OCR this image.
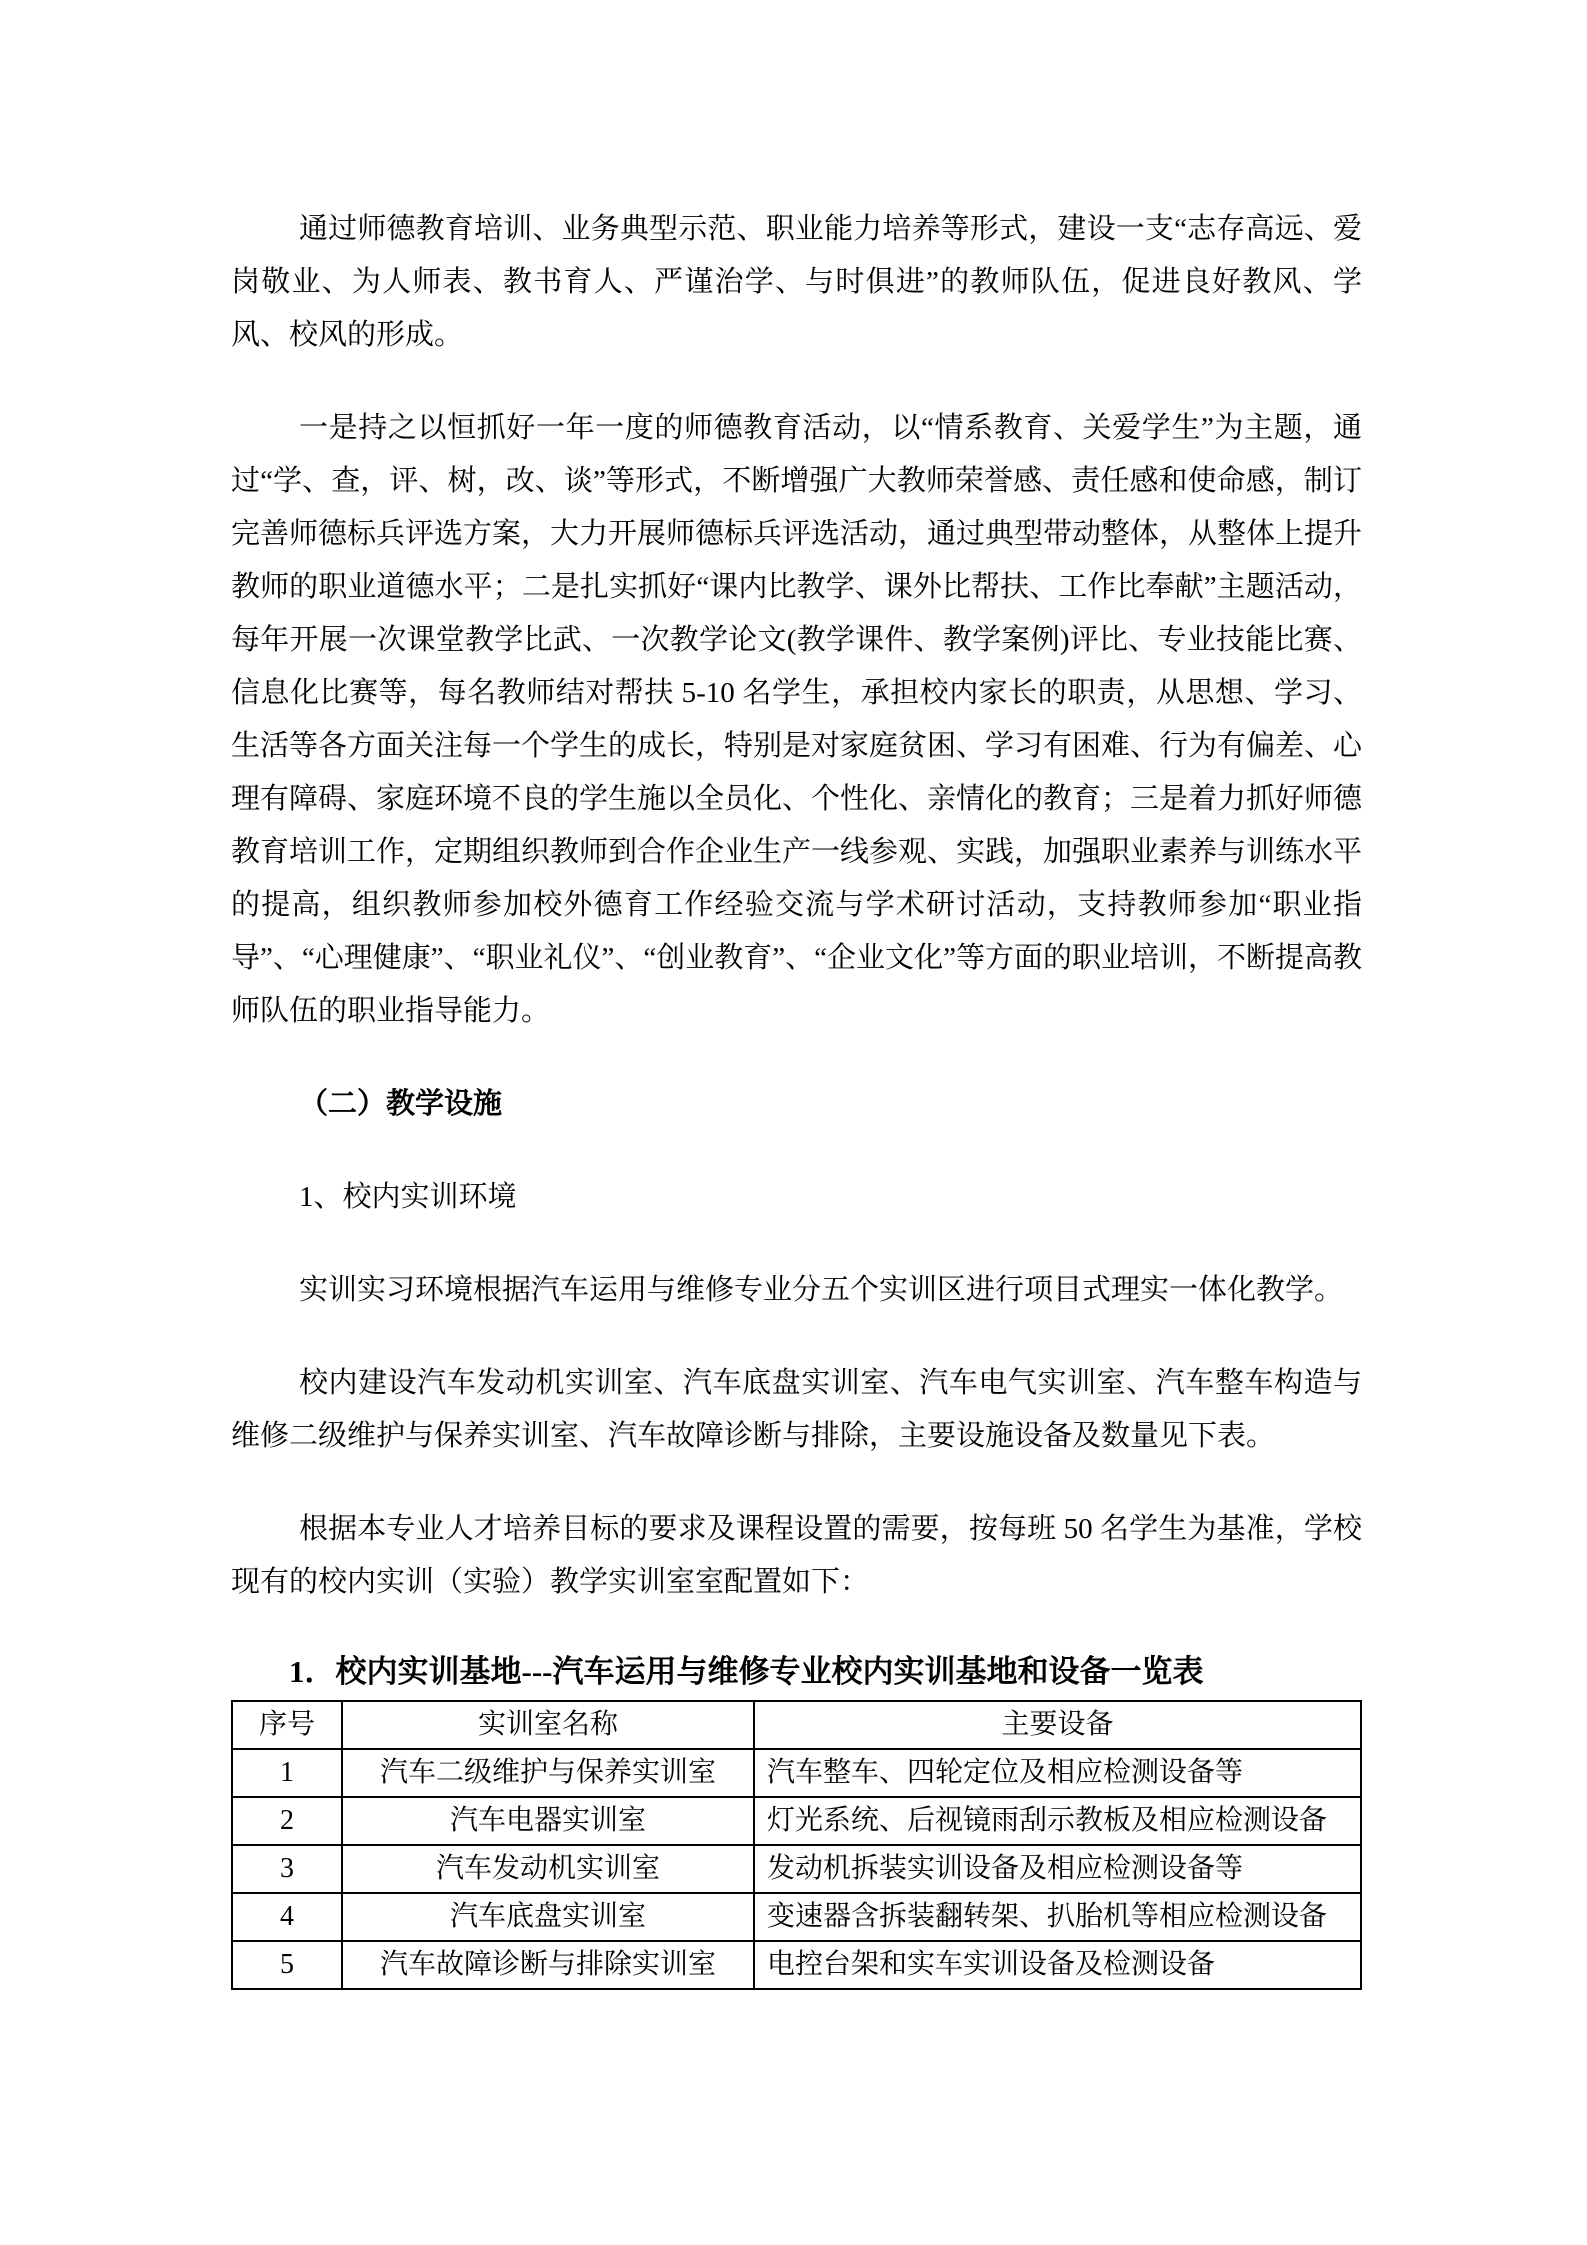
通过师德教育培训、业务典型示范、职业能力培养等形式，建设一支“志存高远、爱岗敬业、为人师表、教书育人、严谨治学、与时俱进”的教师队伍，促进良好教风、学风、校风的形成。

一是持之以恒抓好一年一度的师德教育活动，以“情系教育、关爱学生”为主题，通过“学、查，评、树，改、谈”等形式，不断增强广大教师荣誉感、责任感和使命感，制订完善师德标兵评选方案，大力开展师德标兵评选活动，通过典型带动整体，从整体上提升教师的职业道德水平；二是扎实抓好“课内比教学、课外比帮扶、工作比奉献”主题活动，每年开展一次课堂教学比武、一次教学论文(教学课件、教学案例)评比、专业技能比赛、信息化比赛等，每名教师结对帮扶 5-10 名学生，承担校内家长的职责，从思想、学习、生活等各方面关注每一个学生的成长，特别是对家庭贫困、学习有困难、行为有偏差、心理有障碍、家庭环境不良的学生施以全员化、个性化、亲情化的教育；三是着力抓好师德教育培训工作，定期组织教师到合作企业生产一线参观、实践，加强职业素养与训练水平的提高，组织教师参加校外德育工作经验交流与学术研讨活动，支持教师参加“职业指导”、“心理健康”、“职业礼仪”、“创业教育”、“企业文化”等方面的职业培训，不断提高教师队伍的职业指导能力。

（二）教学设施

1、校内实训环境

实训实习环境根据汽车运用与维修专业分五个实训区进行项目式理实一体化教学。

校内建设汽车发动机实训室、汽车底盘实训室、汽车电气实训室、汽车整车构造与维修二级维护与保养实训室、汽车故障诊断与排除，主要设施设备及数量见下表。

根据本专业人才培养目标的要求及课程设置的需要，按每班 50 名学生为基准，学校现有的校内实训（实验）教学实训室室配置如下：

1．校内实训基地---汽车运用与维修专业校内实训基地和设备一览表

序号	实训室名称	主要设备
1	汽车二级维护与保养实训室	汽车整车、四轮定位及相应检测设备等
2	汽车电器实训室	灯光系统、后视镜雨刮示教板及相应检测设备
3	汽车发动机实训室	发动机拆装实训设备及相应检测设备等
4	汽车底盘实训室	变速器含拆装翻转架、扒胎机等相应检测设备
5	汽车故障诊断与排除实训室	电控台架和实车实训设备及检测设备
